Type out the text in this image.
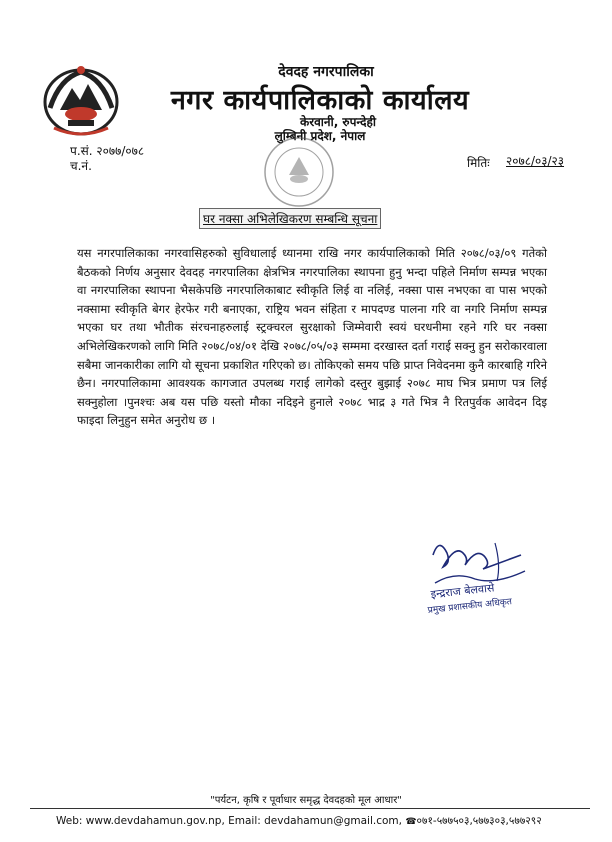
देवदह नगरपालिका
नगर कार्यपालिकाको कार्यालय
केरवानी, रुपन्देही
लुम्बिनी प्रदेश, नेपाल
प.सं. २०७७/०७८
च.नं.	मितिः २०७८/०३/२३
घर नक्सा अभिलेखिकरण सम्बन्धि सूचना
यस नगरपालिकाका नगरवासिहरुको सुविधालाई ध्यानमा राखि नगर कार्यपालिकाको मिति २०७८/०३/०९ गतेको बैठकको निर्णय अनुसार देवदह नगरपालिका क्षेत्रभित्र नगरपालिका स्थापना हुनु भन्दा पहिले निर्माण सम्पन्न भएका वा नगरपालिका स्थापना भैसकेपछि नगरपालिकाबाट स्वीकृति लिई वा नलिई, नक्सा पास नभएका वा पास भएको नक्सामा स्वीकृति बेगर हेरफेर गरी बनाएका, राष्ट्रिय भवन संहिता र मापदण्ड पालना गरि वा नगरि निर्माण सम्पन्न भएका घर तथा भौतीक संरचनाहरुलाई स्ट्रक्चरल सुरक्षाको जिम्मेवारी स्वयं घरधनीमा रहने गरि घर नक्सा अभिलेखिकरणको लागि मिति २०७८/०४/०१ देखि २०७८/०५/०३ सम्ममा दरखास्त दर्ता गराई सक्नु हुन सरोकारवाला सबैमा जानकारीका लागि यो सूचना प्रकाशित गरिएको छ। तोकिएको समय पछि प्राप्त निवेदनमा कुनै कारबाहि गरिने छैन। नगरपालिकामा आवश्यक कागजात उपलब्ध गराई लागेको दस्तुर बुझाई २०७८ माघ भित्र प्रमाण पत्र लिई सक्नुहोला ।पुनश्चः अब यस पछि यस्तो मौका नदिइने हुनाले २०७८ भाद्र ३ गते भित्र नै रितपुर्वक आवेदन दिइ फाइदा लिनुहुन समेत अनुरोध छ ।
इन्द्रराज बेलवासे
प्रमुख प्रशासकीय अधिकृत
"पर्यटन, कृषि र पूर्वाधार समृद्ध देवदहको मूल आधार"
Web: www.devdahamun.gov.np, Email: devdahamun@gmail.com, ☎०७१-५७७५०३,५७७३०३,५७७२९२
